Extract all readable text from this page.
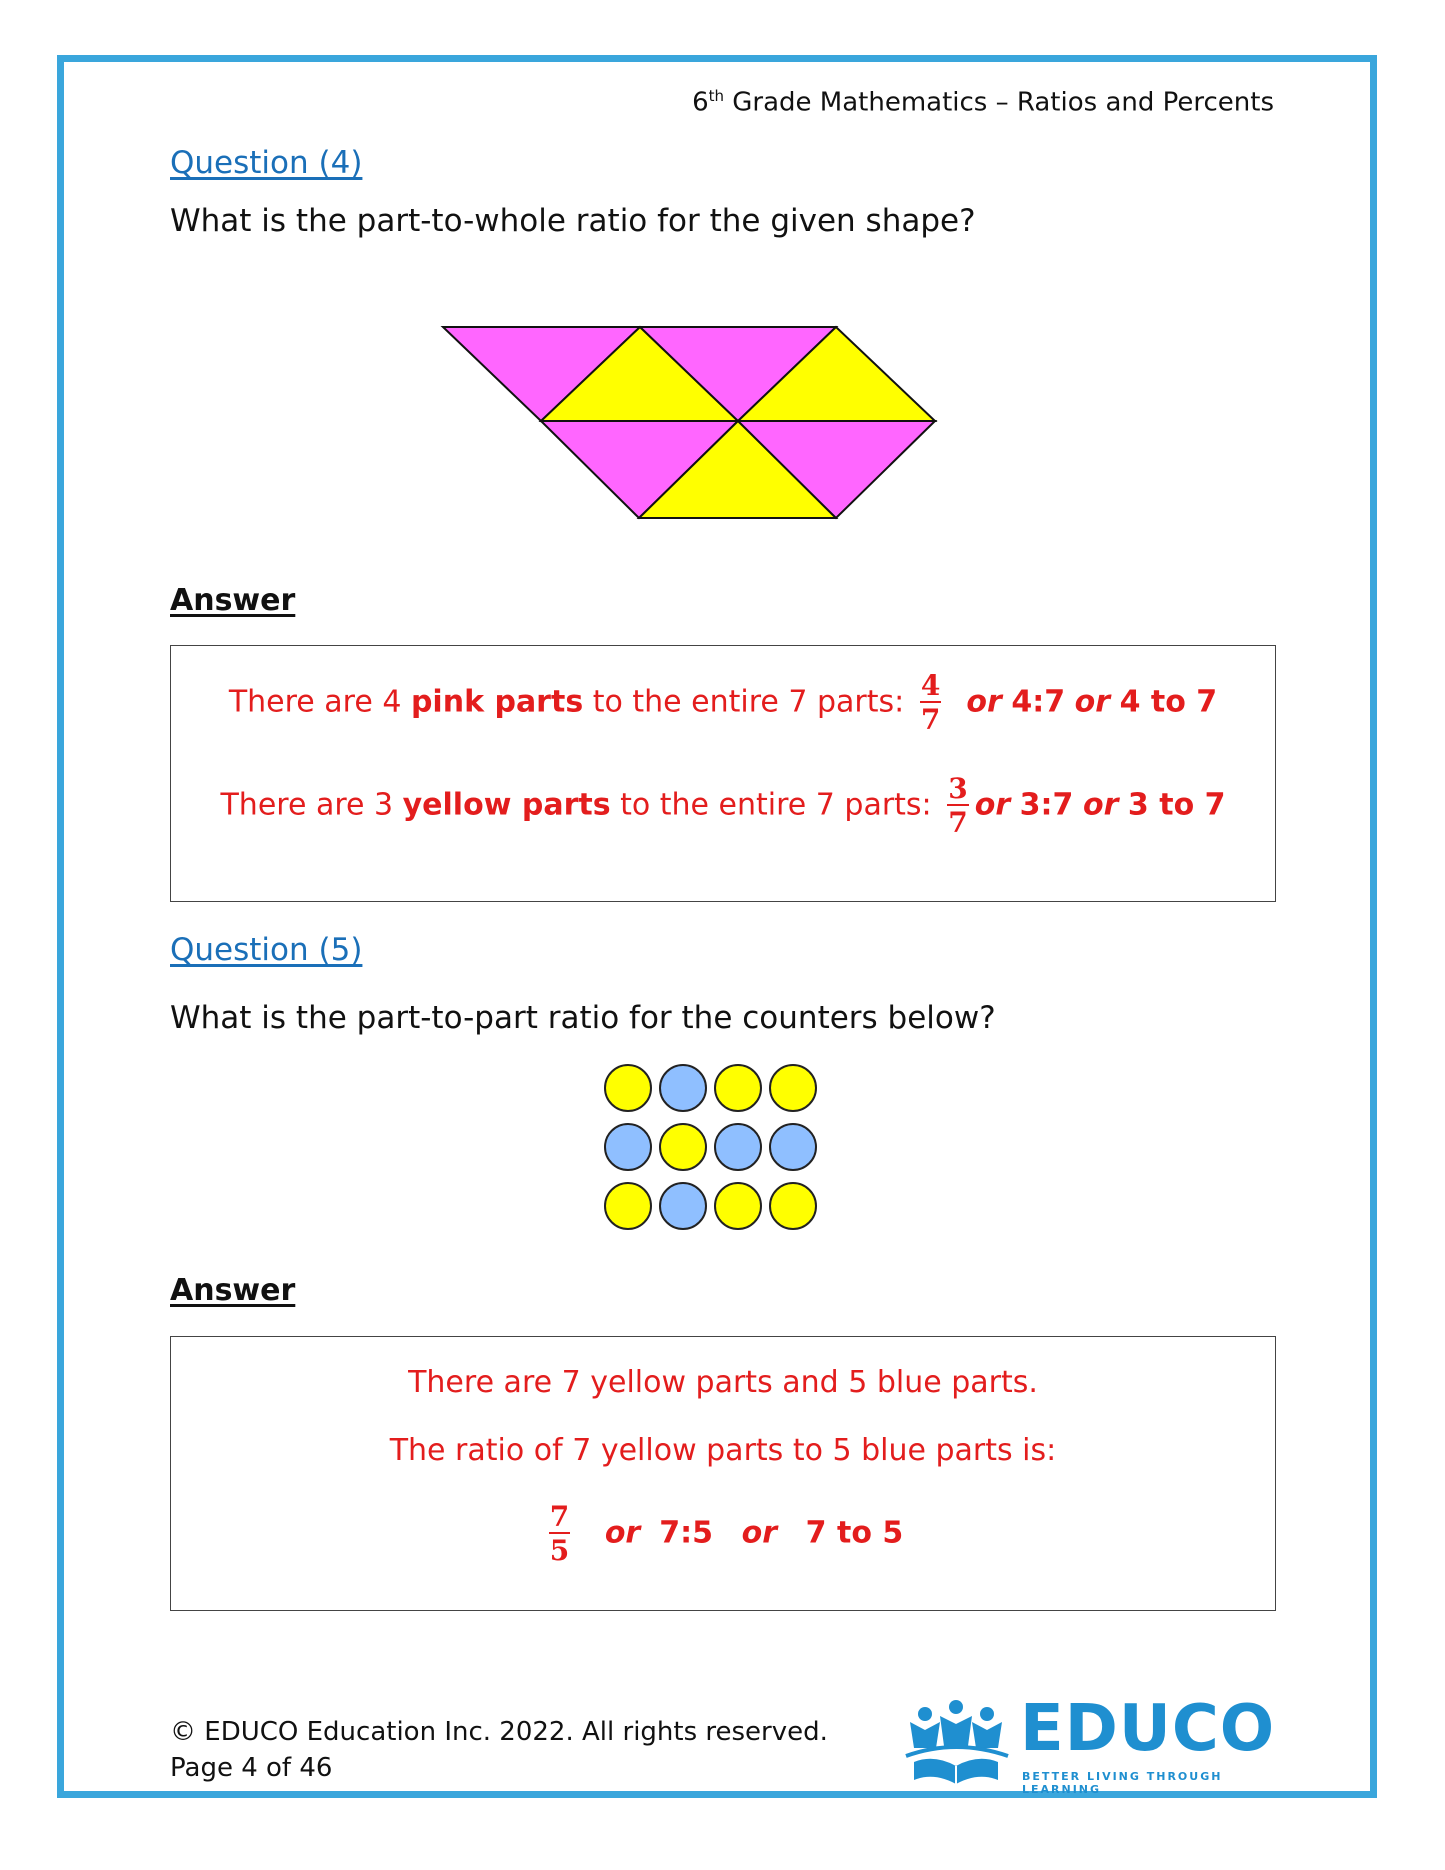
6th Grade Mathematics – Ratios and Percents
Question (4)
What is the part-to-whole ratio for the given shape?
Answer
There are 4 pink parts to the entire 7 parts: $\frac{4}{7}$ or 4:7 or 4 to 7
There are 3 yellow parts to the entire 7 parts: $\frac{3}{7}$ or 3:7 or 3 to 7
Question (5)
What is the part-to-part ratio for the counters below?
Answer
There are 7 yellow parts and 5 blue parts.
The ratio of 7 yellow parts to 5 blue parts is:
$\frac{7}{5}$ or 7:5 or 7 to 5
© EDUCO Education Inc. 2022. All rights reserved.
Page 4 of 46
EDUCO
BETTER LIVING THROUGH LEARNING
